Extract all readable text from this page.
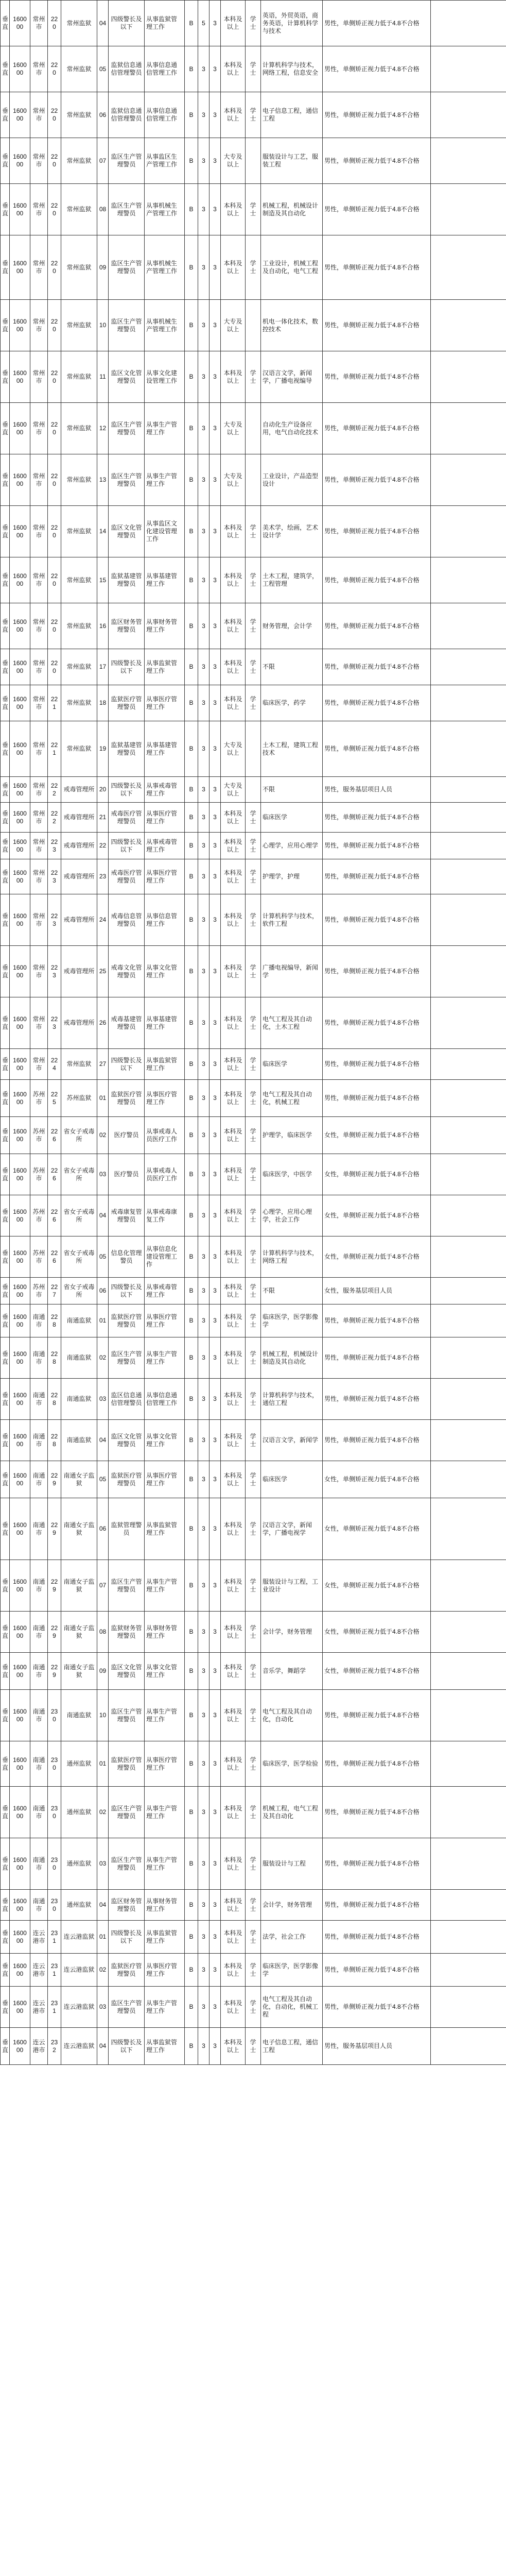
垂直	160000	常州市	220	常州监狱	04	四级警长及以下	从事监狱管理工作	B	5	3	本科及以上	学士	英语，外贸英语，商务英语，计算机科学与技术	男性，单侧矫正视力低于4.8不合格	
垂直	160000	常州市	220	常州监狱	05	监狱信息通信管理警员	从事信息通信管理工作	B	3	3	本科及以上	学士	计算机科学与技术，网络工程，信息安全	男性，单侧矫正视力低于4.8不合格	
垂直	160000	常州市	220	常州监狱	06	监狱信息通信管理警员	从事信息通信管理工作	B	3	3	本科及以上	学士	电子信息工程，通信工程	男性，单侧矫正视力低于4.8不合格	
垂直	160000	常州市	220	常州监狱	07	监区生产管理警员	从事监区生产管理工作	B	3	3	大专及以上		服装设计与工艺，服装工程	男性，单侧矫正视力低于4.8不合格	
垂直	160000	常州市	220	常州监狱	08	监区生产管理警员	从事机械生产管理工作	B	3	3	本科及以上	学士	机械工程，机械设计制造及其自动化	男性，单侧矫正视力低于4.8不合格	
垂直	160000	常州市	220	常州监狱	09	监区生产管理警员	从事机械生产管理工作	B	3	3	本科及以上	学士	工业设计，机械工程及自动化，电气工程	男性，单侧矫正视力低于4.8不合格	
垂直	160000	常州市	220	常州监狱	10	监区生产管理警员	从事机械生产管理工作	B	3	3	大专及以上		机电一体化技术，数控技术	男性，单侧矫正视力低于4.8不合格	
垂直	160000	常州市	220	常州监狱	11	监区文化管理警员	从事文化建设管理工作	B	3	3	本科及以上	学士	汉语言文学，新闻学，广播电视编导	男性，单侧矫正视力低于4.8不合格	
垂直	160000	常州市	220	常州监狱	12	监区生产管理警员	从事生产管理工作	B	3	3	大专及以上		自动化生产设备应用，电气自动化技术	男性，单侧矫正视力低于4.8不合格	
垂直	160000	常州市	220	常州监狱	13	监区生产管理警员	从事生产管理工作	B	3	3	大专及以上		工业设计，产品造型设计	男性，单侧矫正视力低于4.8不合格	
垂直	160000	常州市	220	常州监狱	14	监区文化管理警员	从事监区文化建设管理工作	B	3	3	本科及以上	学士	美术学，绘画，艺术设计学	男性，单侧矫正视力低于4.8不合格	
垂直	160000	常州市	220	常州监狱	15	监狱基建管理警员	从事基建管理工作	B	3	3	本科及以上	学士	土木工程，建筑学，工程管理	男性，单侧矫正视力低于4.8不合格	
垂直	160000	常州市	220	常州监狱	16	监区财务管理警员	从事财务管理工作	B	3	3	本科及以上	学士	财务管理，会计学	男性，单侧矫正视力低于4.8不合格	
垂直	160000	常州市	220	常州监狱	17	四级警长及以下	从事监狱管理工作	B	3	3	本科及以上	学士	不限	男性，单侧矫正视力低于4.8不合格	
垂直	160000	常州市	221	常州监狱	18	监狱医疗管理警员	从事医疗管理工作	B	3	3	本科及以上	学士	临床医学，药学	男性，单侧矫正视力低于4.8不合格	
垂直	160000	常州市	221	常州监狱	19	监狱基建管理警员	从事基建管理工作	B	3	3	大专及以上		土木工程，建筑工程技术	男性，单侧矫正视力低于4.8不合格	
垂直	160000	常州市	222	戒毒管理所	20	四级警长及以下	从事戒毒管理工作	B	3	3	大专及以上		不限	男性，服务基层项目人员	
垂直	160000	常州市	222	戒毒管理所	21	戒毒医疗管理警员	从事医疗管理工作	B	3	3	本科及以上	学士	临床医学	男性，单侧矫正视力低于4.8不合格	
垂直	160000	常州市	223	戒毒管理所	22	四级警长及以下	从事戒毒管理工作	B	3	3	本科及以上	学士	心理学，应用心理学	男性，单侧矫正视力低于4.8不合格	
垂直	160000	常州市	223	戒毒管理所	23	戒毒医疗管理警员	从事医疗管理工作	B	3	3	本科及以上	学士	护理学，护理	男性，单侧矫正视力低于4.8不合格	
垂直	160000	常州市	223	戒毒管理所	24	戒毒信息管理警员	从事信息管理工作	B	3	3	本科及以上	学士	计算机科学与技术，软件工程	男性，单侧矫正视力低于4.8不合格	
垂直	160000	常州市	223	戒毒管理所	25	戒毒文化管理警员	从事文化管理工作	B	3	3	本科及以上	学士	广播电视编导，新闻学	男性，单侧矫正视力低于4.8不合格	
垂直	160000	常州市	223	戒毒管理所	26	戒毒基建管理警员	从事基建管理工作	B	3	3	本科及以上	学士	电气工程及其自动化，土木工程	男性，单侧矫正视力低于4.8不合格	
垂直	160000	常州市	224	常州监狱	27	四级警长及以下	从事监狱管理工作	B	3	3	本科及以上	学士	临床医学	男性，单侧矫正视力低于4.8不合格	
垂直	160000	苏州市	225	苏州监狱	01	监狱医疗管理警员	从事医疗管理工作	B	3	3	本科及以上	学士	电气工程及其自动化，机械工程	男性，单侧矫正视力低于4.8不合格	
垂直	160000	苏州市	226	省女子戒毒所	02	医疗警员	从事戒毒人员医疗工作	B	3	3	本科及以上	学士	护理学，临床医学	女性，单侧矫正视力低于4.8不合格	
垂直	160000	苏州市	226	省女子戒毒所	03	医疗警员	从事戒毒人员医疗工作	B	3	3	本科及以上	学士	临床医学，中医学	女性，单侧矫正视力低于4.8不合格	
垂直	160000	苏州市	226	省女子戒毒所	04	戒毒康复管理警员	从事戒毒康复工作	B	3	3	本科及以上	学士	心理学，应用心理学，社会工作	女性，单侧矫正视力低于4.8不合格	
垂直	160000	苏州市	226	省女子戒毒所	05	信息化管理警员	从事信息化建设管理工作	B	3	3	本科及以上	学士	计算机科学与技术，网络工程	女性，单侧矫正视力低于4.8不合格	
垂直	160000	苏州市	227	省女子戒毒所	06	四级警长及以下	从事戒毒管理工作	B	3	3	本科及以上	学士	不限	女性，服务基层项目人员	
垂直	160000	南通市	228	南通监狱	01	监狱医疗管理警员	从事医疗管理工作	B	3	3	本科及以上	学士	临床医学，医学影像学	男性，单侧矫正视力低于4.8不合格	
垂直	160000	南通市	228	南通监狱	02	监区生产管理警员	从事生产管理工作	B	3	3	本科及以上	学士	机械工程，机械设计制造及其自动化	男性，单侧矫正视力低于4.8不合格	
垂直	160000	南通市	228	南通监狱	03	监区信息通信管理警员	从事信息通信管理工作	B	3	3	本科及以上	学士	计算机科学与技术，通信工程	男性，单侧矫正视力低于4.8不合格	
垂直	160000	南通市	228	南通监狱	04	监区文化管理警员	从事文化管理工作	B	3	3	本科及以上	学士	汉语言文学，新闻学	男性，单侧矫正视力低于4.8不合格	
垂直	160000	南通市	229	南通女子监狱	05	监狱医疗管理警员	从事医疗管理工作	B	3	3	本科及以上	学士	临床医学	女性，单侧矫正视力低于4.8不合格	
垂直	160000	南通市	229	南通女子监狱	06	监狱管理警员	从事监狱管理工作	B	3	3	本科及以上	学士	汉语言文学，新闻学，广播电视学	女性，单侧矫正视力低于4.8不合格	
垂直	160000	南通市	229	南通女子监狱	07	监区生产管理警员	从事生产管理工作	B	3	3	本科及以上	学士	服装设计与工程，工业设计	女性，单侧矫正视力低于4.8不合格	
垂直	160000	南通市	229	南通女子监狱	08	监狱财务管理警员	从事财务管理工作	B	3	3	本科及以上	学士	会计学，财务管理	女性，单侧矫正视力低于4.8不合格	
垂直	160000	南通市	229	南通女子监狱	09	监区文化管理警员	从事文化管理工作	B	3	3	本科及以上	学士	音乐学，舞蹈学	女性，单侧矫正视力低于4.8不合格	
垂直	160000	南通市	230	南通监狱	10	监区生产管理警员	从事生产管理工作	B	3	3	本科及以上	学士	电气工程及其自动化，自动化	男性，单侧矫正视力低于4.8不合格	
垂直	160000	南通市	230	通州监狱	01	监狱医疗管理警员	从事医疗管理工作	B	3	3	本科及以上	学士	临床医学，医学检验	男性，单侧矫正视力低于4.8不合格	
垂直	160000	南通市	230	通州监狱	02	监区生产管理警员	从事生产管理工作	B	3	3	本科及以上	学士	机械工程，电气工程及其自动化	男性，单侧矫正视力低于4.8不合格	
垂直	160000	南通市	230	通州监狱	03	监区生产管理警员	从事生产管理工作	B	3	3	本科及以上	学士	服装设计与工程	男性，单侧矫正视力低于4.8不合格	
垂直	160000	南通市	230	通州监狱	04	监区财务管理警员	从事财务管理工作	B	3	3	本科及以上	学士	会计学，财务管理	男性，单侧矫正视力低于4.8不合格	
垂直	160000	连云港市	231	连云港监狱	01	四级警长及以下	从事监狱管理工作	B	3	3	本科及以上	学士	法学，社会工作	男性，单侧矫正视力低于4.8不合格	
垂直	160000	连云港市	231	连云港监狱	02	监狱医疗管理警员	从事医疗管理工作	B	3	3	本科及以上	学士	临床医学，医学影像学	男性，单侧矫正视力低于4.8不合格	
垂直	160000	连云港市	231	连云港监狱	03	监区生产管理警员	从事生产管理工作	B	3	3	本科及以上	学士	电气工程及其自动化，自动化，机械工程	男性，单侧矫正视力低于4.8不合格	
垂直	160000	连云港市	232	连云港监狱	04	四级警长及以下	从事监狱管理工作	B	3	3	本科及以上	学士	电子信息工程，通信工程	男性，服务基层项目人员	
